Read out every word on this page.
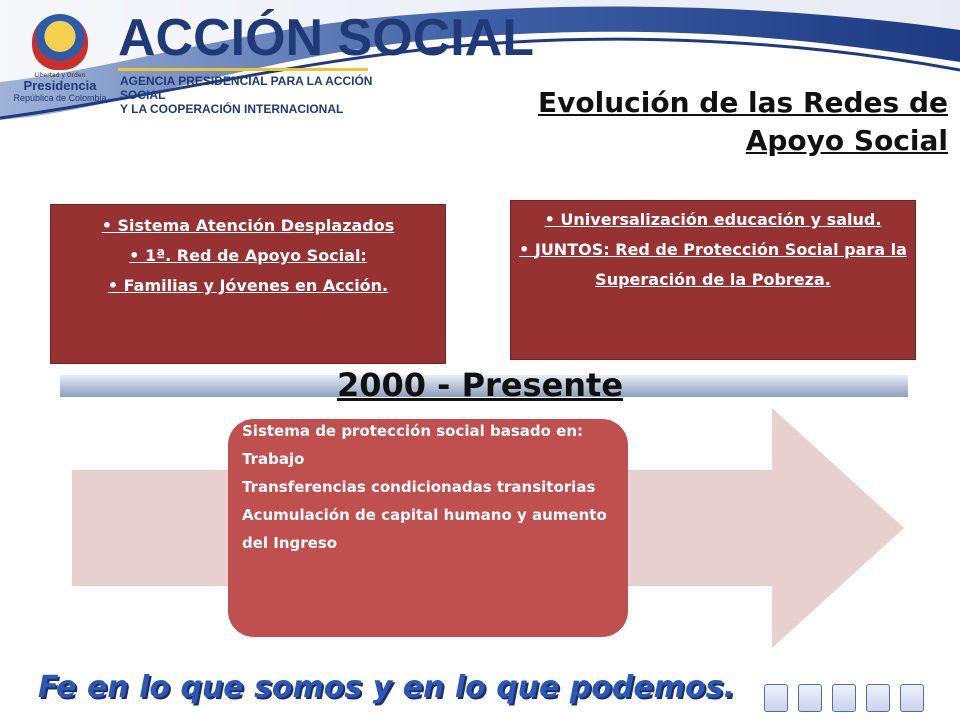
Libertad y Orden
Presidencia
República de Colombia
ACCIÓN SOCIAL
AGENCIA PRESIDENCIAL PARA LA ACCIÓN SOCIAL
Y LA COOPERACIÓN INTERNACIONAL	Evolución de las Redes de
Apoyo Social
• Sistema Atención Desplazados
• 1ª. Red de Apoyo Social:
• Familias y Jóvenes en Acción.
• Universalización educación y salud.
• JUNTOS: Red de Protección Social para la Superación de la Pobreza.
2000 - Presente
Sistema de protección social basado en:
Trabajo
Transferencias condicionadas transitorias
Acumulación de capital humano y aumento
del Ingreso
Fe en lo que somos y en lo que podemos.
